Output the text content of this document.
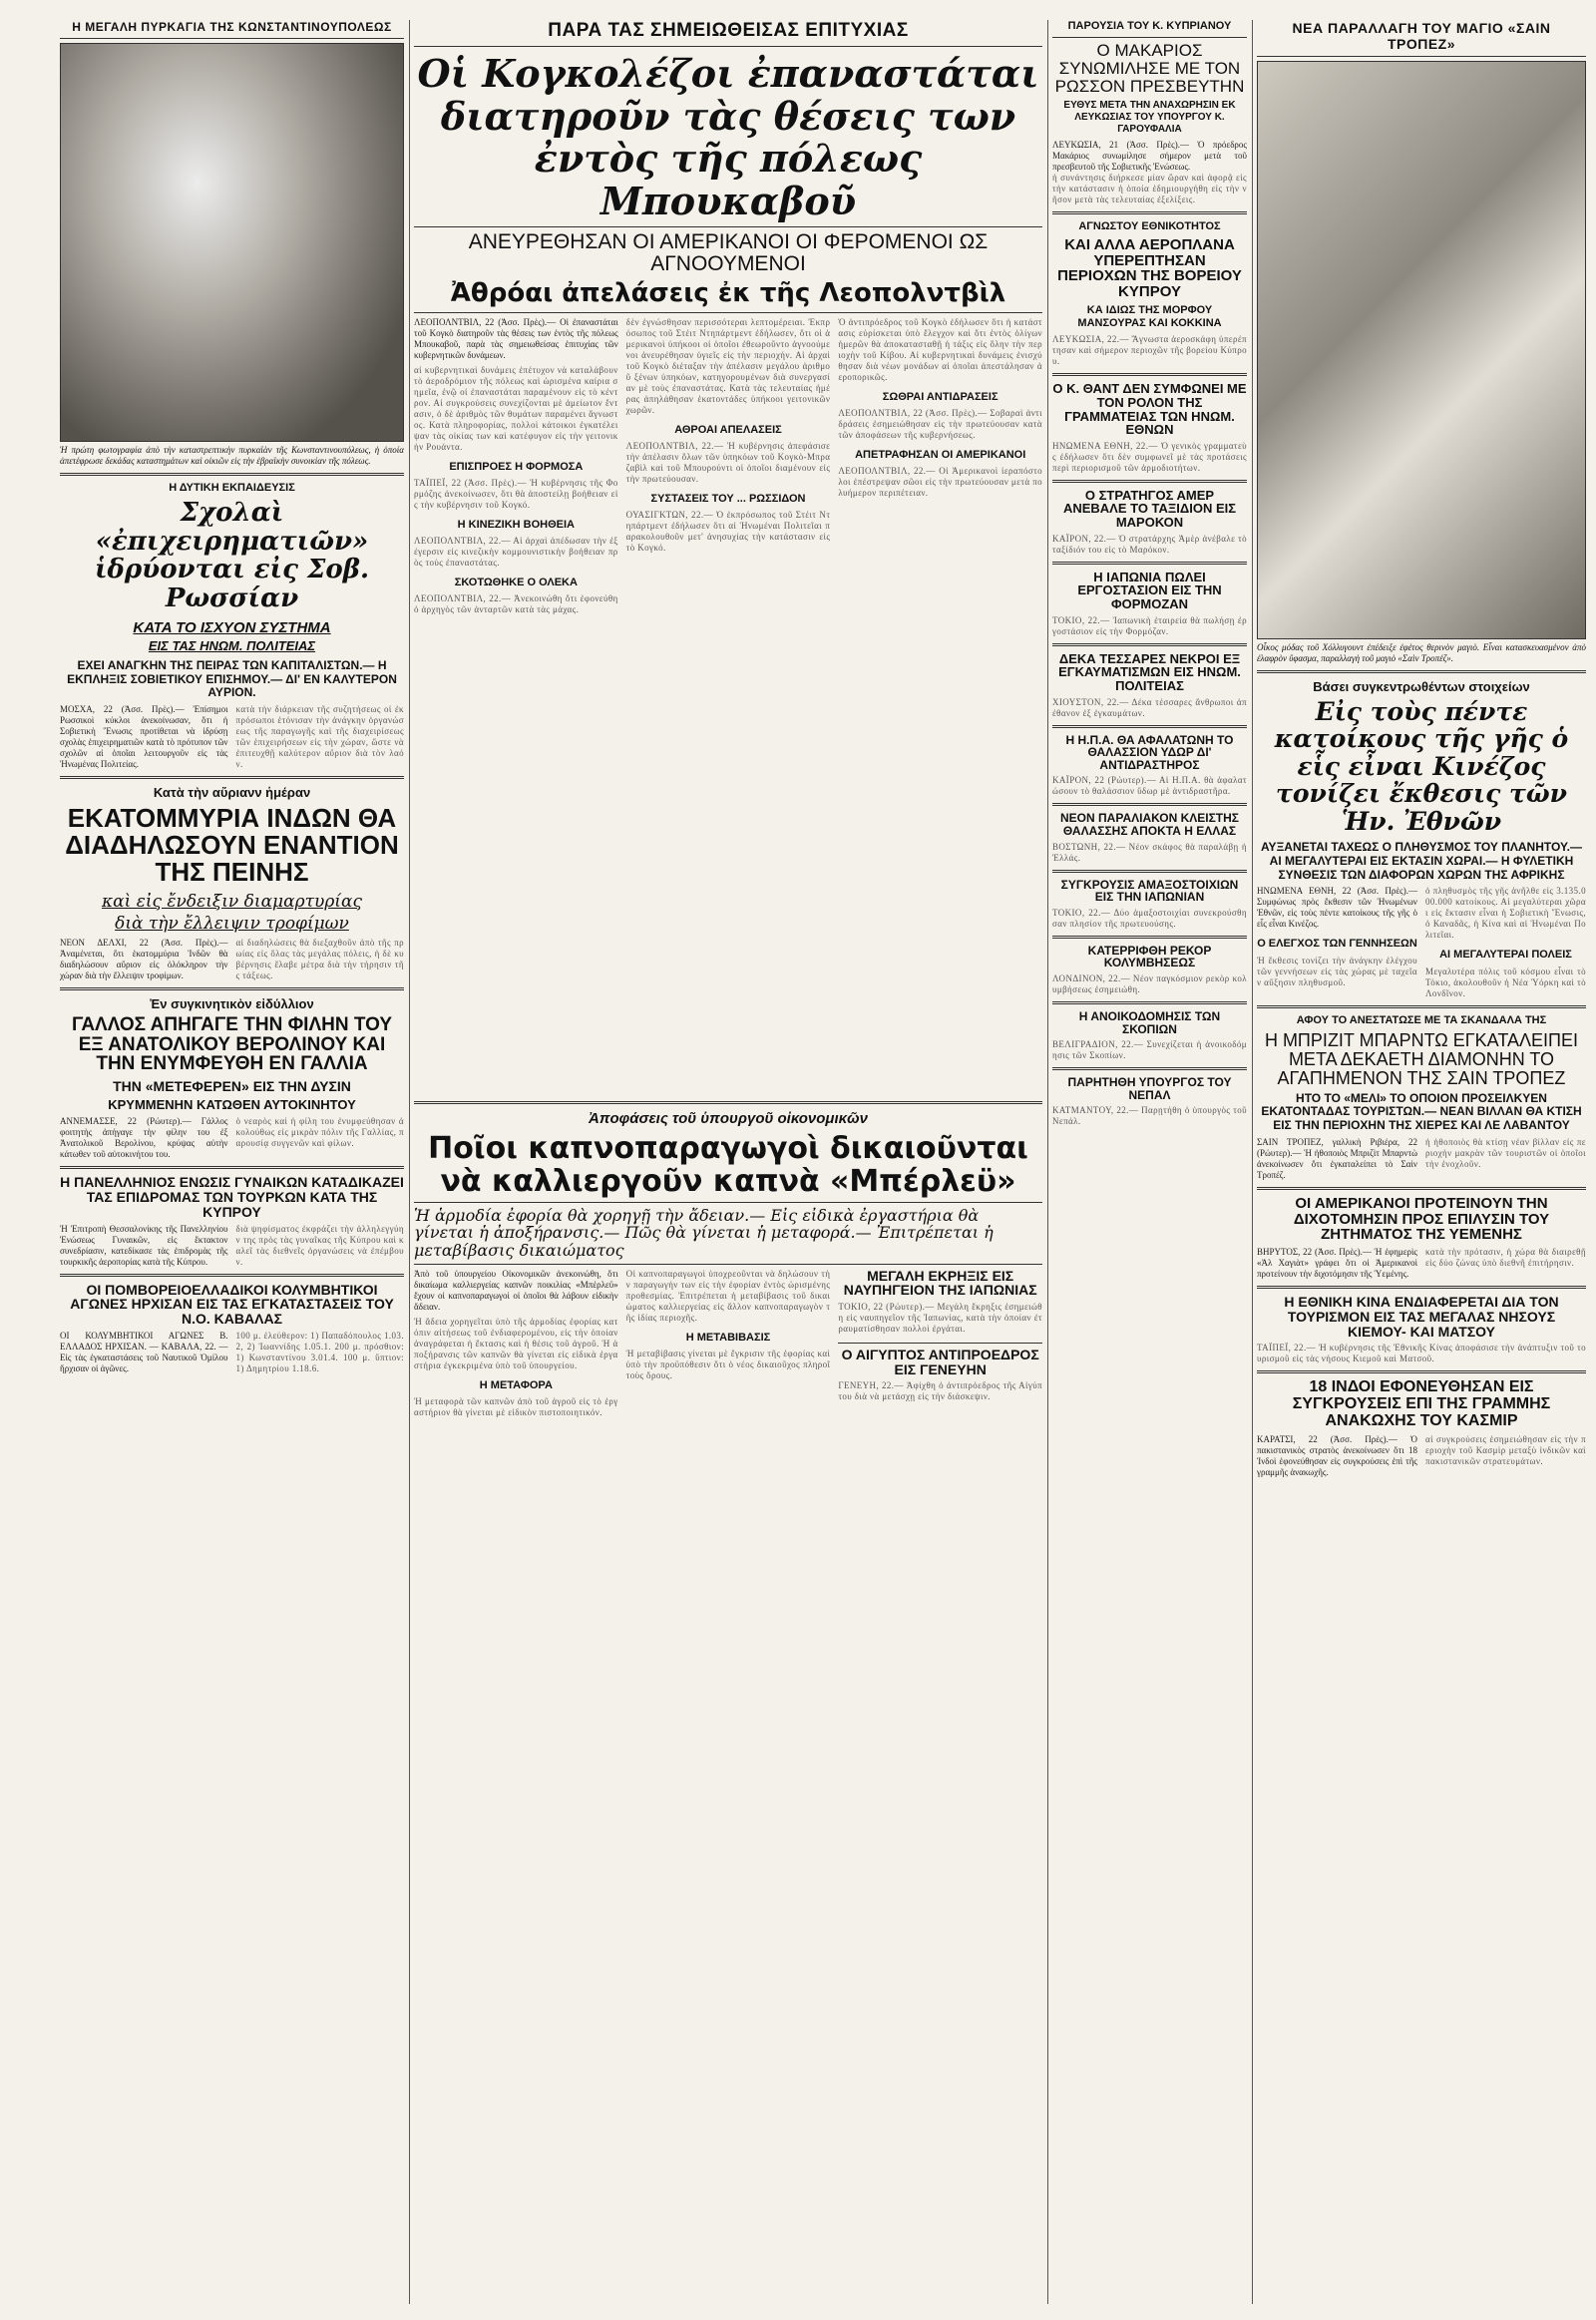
Η ΜΕΓΑΛΗ ΠΥΡΚΑΓΙΑ ΤΗΣ ΚΩΝΣΤΑΝΤΙΝΟΥΠΟΛΕΩΣ
Ἡ πρώτη φωτογραφία ἀπὸ τὴν καταστρεπτικὴν πυρκαϊὰν τῆς Κωνσταντινουπόλεως, ἡ ὁποία ἀπετέφρωσε δεκάδας καταστημάτων καὶ οἰκιῶν εἰς τὴν ἐβραϊκὴν συνοικίαν τῆς πόλεως.
Η ΔΥΤΙΚΗ ΕΚΠΑΙΔΕΥΣΙΣ
Σχολαὶ «ἐπιχειρηματιῶν» ἱδρύονται εἰς Σοβ. Ρωσσίαν
ΚΑΤΑ ΤΟ ΙΣΧΥΟΝ ΣΥΣΤΗΜΑ
ΕΙΣ ΤΑΣ ΗΝΩΜ. ΠΟΛΙΤΕΙΑΣ
ΕΧΕΙ ΑΝΑΓΚΗΝ ΤΗΣ ΠΕΙΡΑΣ ΤΩΝ ΚΑΠΙΤΑΛΙΣΤΩΝ.— Η ΕΚΠΛΗΞΙΣ ΣΟΒΙΕΤΙΚΟΥ ΕΠΙΣΗΜΟΥ.— ΔΙ' ΕΝ ΚΑΛΥΤΕΡΟΝ ΑΥΡΙΟΝ.
ΜΟΣΧΑ, 22 (Ἀσσ. Πρὲς).— Ἐπίσημοι Ρωσσικοὶ κύκλοι ἀνεκοίνωσαν, ὅτι ἡ Σοβιετικὴ Ἕνωσις προτίθεται νὰ ἱδρύσῃ σχολὰς ἐπιχειρηματιῶν κατὰ τὸ πρότυπον τῶν σχολῶν αἱ ὁποῖαι λειτουργοῦν εἰς τὰς Ἡνωμένας Πολιτείας.
κατὰ τὴν διάρκειαν τῆς συζητήσεως οἱ ἐκπρόσωποι ἐτόνισαν τὴν ἀνάγκην ὀργανώσεως τῆς παραγωγῆς καὶ τῆς διαχειρίσεως τῶν ἐπιχειρήσεων εἰς τὴν χώραν, ὥστε νὰ ἐπιτευχθῇ καλύτερον αὔριον διὰ τὸν λαόν.
Κατὰ τὴν αὔριανν ἡμέραν
ΕΚΑΤΟΜΜΥΡΙΑ ΙΝΔΩΝ ΘΑ ΔΙΑΔΗΛΩΣΟΥΝ ΕΝΑΝΤΙΟΝ ΤΗΣ ΠΕΙΝΗΣ
καὶ εἰς ἔνδειξιν διαμαρτυρίας
διὰ τὴν ἔλλειψιν τροφίμων
ΝΕΟΝ ΔΕΛΧΙ, 22 (Ἀσσ. Πρὲς).— Ἀναμένεται, ὅτι ἑκατομμύρια Ἰνδῶν θὰ διαδηλώσουν αὔριον εἰς ὁλόκληρον τὴν χώραν διὰ τὴν ἔλλειψιν τροφίμων.
αἱ διαδηλώσεις θὰ διεξαχθοῦν ἀπὸ τῆς πρωίας εἰς ὅλας τὰς μεγάλας πόλεις, ἡ δὲ κυβέρνησις ἔλαβε μέτρα διὰ τὴν τήρησιν τῆς τάξεως.
Ἐν συγκινητικὸν εἰδύλλιον
ΓΑΛΛΟΣ ΑΠΗΓΑΓΕ ΤΗΝ ΦΙΛΗΝ ΤΟΥ ΕΞ ΑΝΑΤΟΛΙΚΟΥ ΒΕΡΟΛΙΝΟΥ ΚΑΙ ΤΗΝ ΕΝΥΜΦΕΥΘΗ ΕΝ ΓΑΛΛΙΑ
ΤΗΝ «ΜΕΤΕΦΕΡΕΝ» ΕΙΣ ΤΗΝ ΔΥΣΙΝ
ΚΡΥΜΜΕΝΗΝ ΚΑΤΩΘΕΝ ΑΥΤΟΚΙΝΗΤΟΥ
ΑΝΝΕΜΑΣΣΕ, 22 (Ρώυτερ).— Γάλλος φοιτητὴς ἀπήγαγε τὴν φίλην του ἐξ Ἀνατολικοῦ Βερολίνου, κρύψας αὐτὴν κάτωθεν τοῦ αὐτοκινήτου του.
ὁ νεαρὸς καὶ ἡ φίλη του ἐνυμφεύθησαν ἀκολούθως εἰς μικρὰν πόλιν τῆς Γαλλίας, παρουσίᾳ συγγενῶν καὶ φίλων.
Η ΠΑΝΕΛΛΗΝΙΟΣ ΕΝΩΣΙΣ ΓΥΝΑΙΚΩΝ ΚΑΤΑΔΙΚΑΖΕΙ ΤΑΣ ΕΠΙΔΡΟΜΑΣ ΤΩΝ ΤΟΥΡΚΩΝ ΚΑΤΑ ΤΗΣ ΚΥΠΡΟΥ
Ἡ Ἐπιτροπὴ Θεσσαλονίκης τῆς Πανελληνίου Ἑνώσεως Γυναικῶν, εἰς ἔκτακτον συνεδρίασιν, κατεδίκασε τὰς ἐπιδρομὰς τῆς τουρκικῆς ἀεροπορίας κατὰ τῆς Κύπρου.
διὰ ψηφίσματος ἐκφράζει τὴν ἀλληλεγγύην της πρὸς τὰς γυναῖκας τῆς Κύπρου καὶ καλεῖ τὰς διεθνεῖς ὀργανώσεις νὰ ἐπέμβουν.
ΟΙ ΠΟΜΒΟΡΕΙΟΕΛΛΑΔΙΚΟΙ ΚΟΛΥΜΒΗΤΙΚΟΙ ΑΓΩΝΕΣ ΗΡΧΙΣΑΝ ΕΙΣ ΤΑΣ ΕΓΚΑΤΑΣΤΑΣΕΙΣ ΤΟΥ Ν.Ο. ΚΑΒΑΛΑΣ
ΟΙ ΚΟΛΥΜΒΗΤΙΚΟΙ ΑΓΩΝΕΣ Β. ΕΛΛΑΔΟΣ ΗΡΧΙΣΑΝ. — ΚΑΒΑΛΑ, 22. — Εἰς τὰς ἐγκαταστάσεις τοῦ Ναυτικοῦ Ὁμίλου ἤρχισαν οἱ ἀγῶνες.
100 μ. ἐλεύθερον: 1) Παπαδόπουλος 1.03.2, 2) Ἰωαννίδης 1.05.1. 200 μ. πρόσθιον: 1) Κωνσταντίνου 3.01.4. 100 μ. ὕπτιον: 1) Δημητρίου 1.18.6.
ΠΑΡΑ ΤΑΣ ΣΗΜΕΙΩΘΕΙΣΑΣ ΕΠΙΤΥΧΙΑΣ
Οἱ Κογκολέζοι ἐπαναστάται διατηροῦν τὰς θέσεις των ἐντὸς τῆς πόλεως Μπουκαβοῦ
ΑΝΕΥΡΕΘΗΣΑΝ ΟΙ ΑΜΕΡΙΚΑΝΟΙ ΟΙ ΦΕΡΟΜΕΝΟΙ ΩΣ ΑΓΝΟΟΥΜΕΝΟΙ
Ἀθρόαι ἀπελάσεις ἐκ τῆς Λεοπολντβὶλ
ΛΕΟΠΟΛΝΤΒΙΛ, 22 (Ἀσσ. Πρὲς).— Οἱ ἐπαναστάται τοῦ Κογκὸ διατηροῦν τὰς θέσεις των ἐντὸς τῆς πόλεως Μπουκαβοῦ, παρὰ τὰς σημειωθείσας ἐπιτυχίας τῶν κυβερνητικῶν δυνάμεων.
αἱ κυβερνητικαὶ δυνάμεις ἐπέτυχον νὰ καταλάβουν τὸ ἀεροδρόμιον τῆς πόλεως καὶ ὡρισμένα καίρια σημεῖα, ἐνῷ οἱ ἐπαναστάται παραμένουν εἰς τὸ κέντρον. Αἱ συγκρούσεις συνεχίζονται μὲ ἀμείωτον ἔντασιν, ὁ δὲ ἀριθμὸς τῶν θυμάτων παραμένει ἄγνωστος. Κατὰ πληροφορίας, πολλοὶ κάτοικοι ἐγκατέλειψαν τὰς οἰκίας των καὶ κατέφυγον εἰς τὴν γειτονικὴν Ρουάντα.
ΕΠΙΣΠΡΟΕΣ Η ΦΟΡΜΟΣΑ
ΤΑΪΠΕΪ, 22 (Ἀσσ. Πρὲς).— Ἡ κυβέρνησις τῆς Φορμόζης ἀνεκοίνωσεν, ὅτι θὰ ἀποστείλῃ βοήθειαν εἰς τὴν κυβέρνησιν τοῦ Κογκό.
Η ΚΙΝΕΖΙΚΗ ΒΟΗΘΕΙΑ
ΛΕΟΠΟΛΝΤΒΙΛ, 22.— Αἱ ἀρχαὶ ἀπέδωσαν τὴν ἐξέγερσιν εἰς κινεζικὴν κομμουνιστικὴν βοήθειαν πρὸς τοὺς ἐπαναστάτας.
ΣΚΟΤΩΘΗΚΕ Ο ΟΛΕΚΑ
ΛΕΟΠΟΛΝΤΒΙΛ, 22.— Ἀνεκοινώθη ὅτι ἐφονεύθη ὁ ἀρχηγὸς τῶν ἀνταρτῶν κατὰ τὰς μάχας.
δὲν ἐγνώσθησαν περισσότεραι λεπτομέρειαι. Ἐκπρόσωπος τοῦ Στέιτ Ντηπάρτμεντ ἐδήλωσεν, ὅτι οἱ ἀμερικανοὶ ὑπήκοοι οἱ ὁποῖοι ἐθεωροῦντο ἀγνοούμενοι ἀνευρέθησαν ὑγιεῖς εἰς τὴν περιοχήν. Αἱ ἀρχαὶ τοῦ Κογκὸ διέταξαν τὴν ἀπέλασιν μεγάλου ἀριθμοῦ ξένων ὑπηκόων, κατηγορουμένων διὰ συνεργασίαν μὲ τοὺς ἐπαναστάτας. Κατὰ τὰς τελευταίας ἡμέρας ἀπηλάθησαν ἑκατοντάδες ὑπήκοοι γειτονικῶν χωρῶν.
ΑΘΡΟΑΙ ΑΠΕΛΑΣΕΙΣ
ΛΕΟΠΟΛΝΤΒΙΛ, 22.— Ἡ κυβέρνησις ἀπεφάσισε τὴν ἀπέλασιν ὅλων τῶν ὑπηκόων τοῦ Κογκὸ-Μπραζαβὶλ καὶ τοῦ Μπουρούντι οἱ ὁποῖοι διαμένουν εἰς τὴν πρωτεύουσαν.
ΣΥΣΤΑΣΕΙΣ ΤΟΥ ... ΡΩΣΣΙΔΟΝ
ΟΥΑΣΙΓΚΤΩΝ, 22.— Ὁ ἐκπρόσωπος τοῦ Στέιτ Ντηπάρτμεντ ἐδήλωσεν ὅτι αἱ Ἡνωμέναι Πολιτεῖαι παρακολουθοῦν μετ' ἀνησυχίας τὴν κατάστασιν εἰς τὸ Κογκό.
Ὁ ἀντιπρόεδρος τοῦ Κογκὸ ἐδήλωσεν ὅτι ἡ κατάστασις εὑρίσκεται ὑπὸ ἔλεγχον καὶ ὅτι ἐντὸς ὀλίγων ἡμερῶν θὰ ἀποκατασταθῇ ἡ τάξις εἰς ὅλην τὴν περιοχὴν τοῦ Κίβου. Αἱ κυβερνητικαὶ δυνάμεις ἐνισχύθησαν διὰ νέων μονάδων αἱ ὁποῖαι ἀπεστάλησαν ἀεροπορικῶς.
ΣΩΘΡΑΙ ΑΝΤΙΔΡΑΣΕΙΣ
ΛΕΟΠΟΛΝΤΒΙΛ, 22 (Ἀσσ. Πρὲς).— Σοβαραὶ ἀντιδράσεις ἐσημειώθησαν εἰς τὴν πρωτεύουσαν κατὰ τῶν ἀποφάσεων τῆς κυβερνήσεως.
ΑΠΕΤΡΑΦΗΣΑΝ ΟΙ ΑΜΕΡΙΚΑΝΟΙ
ΛΕΟΠΟΛΝΤΒΙΛ, 22.— Οἱ Ἀμερικανοὶ ἱεραπόστολοι ἐπέστρεψαν σῶοι εἰς τὴν πρωτεύουσαν μετὰ πολυήμερον περιπέτειαν.
Ἀποφάσεις τοῦ ὑπουργοῦ οἰκονομικῶν
Ποῖοι καπνοπαραγωγοὶ δικαιοῦνται νὰ καλλιεργοῦν καπνὰ «Μπέρλεϋ»
Ἡ ἁρμοδία ἐφορία θὰ χορηγῇ τὴν ἄδειαν.— Εἰς εἰδικὰ ἐργαστήρια θὰ γίνεται ἡ ἀποξήρανσις.— Πῶς θὰ γίνεται ἡ μεταφορά.— Ἐπιτρέπεται ἡ μεταβίβασις δικαιώματος
Ἀπὸ τοῦ ὑπουργείου Οἰκονομικῶν ἀνεκοινώθη, ὅτι δικαίωμα καλλιεργείας καπνῶν ποικιλίας «Μπέρλεϋ» ἔχουν οἱ καπνοπαραγωγοὶ οἱ ὁποῖοι θὰ λάβουν εἰδικὴν ἄδειαν.
Ἡ ἄδεια χορηγεῖται ὑπὸ τῆς ἁρμοδίας ἐφορίας κατόπιν αἰτήσεως τοῦ ἐνδιαφερομένου, εἰς τὴν ὁποίαν ἀναγράφεται ἡ ἔκτασις καὶ ἡ θέσις τοῦ ἀγροῦ. Ἡ ἀποξήρανσις τῶν καπνῶν θὰ γίνεται εἰς εἰδικὰ ἐργαστήρια ἐγκεκριμένα ὑπὸ τοῦ ὑπουργείου.
Η ΜΕΤΑΦΟΡΑ
Ἡ μεταφορὰ τῶν καπνῶν ἀπὸ τοῦ ἀγροῦ εἰς τὸ ἐργαστήριον θὰ γίνεται μὲ εἰδικὸν πιστοποιητικόν.
Οἱ καπνοπαραγωγοὶ ὑποχρεοῦνται νὰ δηλώσουν τὴν παραγωγήν των εἰς τὴν ἐφορίαν ἐντὸς ὡρισμένης προθεσμίας. Ἐπιτρέπεται ἡ μεταβίβασις τοῦ δικαιώματος καλλιεργείας εἰς ἄλλον καπνοπαραγωγὸν τῆς ἰδίας περιοχῆς.
Η ΜΕΤΑΒΙΒΑΣΙΣ
Ἡ μεταβίβασις γίνεται μὲ ἔγκρισιν τῆς ἐφορίας καὶ ὑπὸ τὴν προϋπόθεσιν ὅτι ὁ νέος δικαιοῦχος πληροῖ τοὺς ὅρους.
ΜΕΓΑΛΗ ΕΚΡΗΞΙΣ ΕΙΣ ΝΑΥΠΗΓΕΙΟΝ ΤΗΣ ΙΑΠΩΝΙΑΣ
ΤΟΚΙΟ, 22 (Ρώυτερ).— Μεγάλη ἔκρηξις ἐσημειώθη εἰς ναυπηγεῖον τῆς Ἰαπωνίας, κατὰ τὴν ὁποίαν ἐτραυματίσθησαν πολλοὶ ἐργάται.
Ο ΑΙΓΥΠΤΟΣ ΑΝΤΙΠΡΟΕΔΡΟΣ ΕΙΣ ΓΕΝΕΥΗΝ
ΓΕΝΕΥΗ, 22.— Ἀφίχθη ὁ ἀντιπρόεδρος τῆς Αἰγύπτου διὰ νὰ μετάσχῃ εἰς τὴν διάσκεψιν.
ΠΑΡΟΥΣΙΑ ΤΟΥ Κ. ΚΥΠΡΙΑΝΟΥ
Ο ΜΑΚΑΡΙΟΣ ΣΥΝΩΜΙΛΗΣΕ ΜΕ ΤΟΝ ΡΩΣΣΟΝ ΠΡΕΣΒΕΥΤΗΝ
ΕΥΘΥΣ ΜΕΤΑ ΤΗΝ ΑΝΑΧΩΡΗΣΙΝ ΕΚ ΛΕΥΚΩΣΙΑΣ ΤΟΥ ΥΠΟΥΡΓΟΥ Κ. ΓΑΡΟΥΦΑΛΙΑ
ΛΕΥΚΩΣΙΑ, 21 (Ἀσσ. Πρὲς).— Ὁ πρόεδρος Μακάριος συνωμίλησε σήμερον μετὰ τοῦ πρεσβευτοῦ τῆς Σοβιετικῆς Ἑνώσεως.
ἡ συνάντησις διήρκεσε μίαν ὥραν καὶ ἀφορᾷ εἰς τὴν κατάστασιν ἡ ὁποία ἐδημιουργήθη εἰς τὴν νῆσον μετὰ τὰς τελευταίας ἐξελίξεις.
ΑΓΝΩΣΤΟΥ ΕΘΝΙΚΟΤΗΤΟΣ
ΚΑΙ ΑΛΛΑ ΑΕΡΟΠΛΑΝΑ ΥΠΕΡΕΠΤΗΣΑΝ ΠΕΡΙΟΧΩΝ ΤΗΣ ΒΟΡΕΙΟΥ ΚΥΠΡΟΥ
ΚΑ ΙΔΙΩΣ ΤΗΣ ΜΟΡΦΟΥ
ΜΑΝΣΟΥΡΑΣ ΚΑΙ ΚΟΚΚΙΝΑ
ΛΕΥΚΩΣΙΑ, 22.— Ἄγνωστα ἀεροσκάφη ὑπερέπτησαν καὶ σήμερον περιοχῶν τῆς βορείου Κύπρου.
Ο Κ. ΘΑΝΤ ΔΕΝ ΣΥΜΦΩΝΕΙ ΜΕ ΤΟΝ ΡΟΛΟΝ ΤΗΣ ΓΡΑΜΜΑΤΕΙΑΣ ΤΩΝ ΗΝΩΜ. ΕΘΝΩΝ
ΗΝΩΜΕΝΑ ΕΘΝΗ, 22.— Ὁ γενικὸς γραμματεὺς ἐδήλωσεν ὅτι δὲν συμφωνεῖ μὲ τὰς προτάσεις περὶ περιορισμοῦ τῶν ἁρμοδιοτήτων.
Ο ΣΤΡΑΤΗΓΟΣ ΑΜΕΡ ΑΝΕΒΑΛΕ ΤΟ ΤΑΞΙΔΙΟΝ ΕΙΣ ΜΑΡΟΚΟΝ
ΚΑΪΡΟΝ, 22.— Ὁ στρατάρχης Ἀμὲρ ἀνέβαλε τὸ ταξίδιόν του εἰς τὸ Μαρόκον.
Η ΙΑΠΩΝΙΑ ΠΩΛΕΙ ΕΡΓΟΣΤΑΣΙΟΝ ΕΙΣ ΤΗΝ ΦΟΡΜΟΖΑΝ
ΤΟΚΙΟ, 22.— Ἰαπωνικὴ ἑταιρεία θὰ πωλήσῃ ἐργοστάσιον εἰς τὴν Φορμόζαν.
ΔΕΚΑ ΤΕΣΣΑΡΕΣ ΝΕΚΡΟΙ ΕΞ ΕΓΚΑΥΜΑΤΙΣΜΩΝ ΕΙΣ ΗΝΩΜ. ΠΟΛΙΤΕΙΑΣ
ΧΙΟΥΣΤΟΝ, 22.— Δέκα τέσσαρες ἄνθρωποι ἀπέθανον ἐξ ἐγκαυμάτων.
Η Η.Π.Α. ΘΑ ΑΦΑΛΑΤΩΝΗ ΤΟ ΘΑΛΑΣΣΙΟΝ ΥΔΩΡ ΔΙ' ΑΝΤΙΔΡΑΣΤΗΡΟΣ
ΚΑΪΡΟΝ, 22 (Ρώυτερ).— Αἱ Η.Π.Α. θὰ ἀφαλατώσουν τὸ θαλάσσιον ὕδωρ μὲ ἀντιδραστῆρα.
ΝΕΟΝ ΠΑΡΑΛΙΑΚΟΝ ΚΛΕΙΣΤΗΣ ΘΑΛΑΣΣΗΣ ΑΠΟΚΤΑ Η ΕΛΛΑΣ
ΒΟΣΤΩΝΗ, 22.— Νέον σκάφος θὰ παραλάβῃ ἡ Ἑλλάς.
ΣΥΓΚΡΟΥΣΙΣ ΑΜΑΞΟΣΤΟΙΧΙΩΝ ΕΙΣ ΤΗΝ ΙΑΠΩΝΙΑΝ
ΤΟΚΙΟ, 22.— Δύο ἀμαξοστοιχίαι συνεκρούσθησαν πλησίον τῆς πρωτευούσης.
ΚΑΤΕΡΡΙΦΘΗ ΡΕΚΟΡ ΚΟΛΥΜΒΗΣΕΩΣ
ΛΟΝΔΙΝΟΝ, 22.— Νέον παγκόσμιον ρεκὸρ κολυμβήσεως ἐσημειώθη.
Η ΑΝΟΙΚΟΔΟΜΗΣΙΣ ΤΩΝ ΣΚΟΠΙΩΝ
ΒΕΛΙΓΡΑΔΙΟΝ, 22.— Συνεχίζεται ἡ ἀνοικοδόμησις τῶν Σκοπίων.
ΠΑΡΗΤΗΘΗ ΥΠΟΥΡΓΟΣ ΤΟΥ ΝΕΠΑΛ
ΚΑΤΜΑΝΤΟΥ, 22.— Παρῃτήθη ὁ ὑπουργὸς τοῦ Νεπάλ.
ΝΕΑ ΠΑΡΑΛΛΑΓΗ ΤΟΥ ΜΑΓΙΟ «ΣΑΙΝ ΤΡΟΠΕΖ»
Οἶκος μόδας τοῦ Χόλλυγουντ ἐπέδειξε ἐφέτος θερινὸν μαγιὸ. Εἶναι κατασκευασμένον ἀπὸ ἐλαφρὸν ὕφασμα, παραλλαγὴ τοῦ μαγιὸ «Σαὶν Τροπέζ».
Βάσει συγκεντρωθέντων στοιχείων
Εἰς τοὺς πέντε κατοίκους τῆς γῆς ὁ εἷς εἶναι Κινέζος τονίζει ἔκθεσις τῶν Ἡν. Ἐθνῶν
ΑΥΞΑΝΕΤΑΙ ΤΑΧΕΩΣ Ο ΠΛΗΘΥΣΜΟΣ ΤΟΥ ΠΛΑΝΗΤΟΥ.— ΑΙ ΜΕΓΑΛΥΤΕΡΑΙ ΕΙΣ ΕΚΤΑΣΙΝ ΧΩΡΑΙ.— Η ΦΥΛΕΤΙΚΗ ΣΥΝΘΕΣΙΣ ΤΩΝ ΔΙΑΦΟΡΩΝ ΧΩΡΩΝ ΤΗΣ ΑΦΡΙΚΗΣ
ΗΝΩΜΕΝΑ ΕΘΝΗ, 22 (Ἀσσ. Πρὲς).— Συμφώνως πρὸς ἔκθεσιν τῶν Ἡνωμένων Ἐθνῶν, εἰς τοὺς πέντε κατοίκους τῆς γῆς ὁ εἷς εἶναι Κινέζος.
Ο ΕΛΕΓΧΟΣ ΤΩΝ ΓΕΝΝΗΣΕΩΝ
Ἡ ἔκθεσις τονίζει τὴν ἀνάγκην ἐλέγχου τῶν γεννήσεων εἰς τὰς χώρας μὲ ταχεῖαν αὔξησιν πληθυσμοῦ.
ὁ πληθυσμὸς τῆς γῆς ἀνῆλθε εἰς 3.135.000.000 κατοίκους. Αἱ μεγαλύτεραι χῶραι εἰς ἔκτασιν εἶναι ἡ Σοβιετικὴ Ἕνωσις, ὁ Καναδᾶς, ἡ Κίνα καὶ αἱ Ἡνωμέναι Πολιτεῖαι.
ΑΙ ΜΕΓΑΛΥΤΕΡΑΙ ΠΟΛΕΙΣ
Μεγαλυτέρα πόλις τοῦ κόσμου εἶναι τὸ Τόκιο, ἀκολουθοῦν ἡ Νέα Ὑόρκη καὶ τὸ Λονδῖνον.
ΑΦΟΥ ΤΟ ΑΝΕΣΤΑΤΩΣΕ ΜΕ ΤΑ ΣΚΑΝΔΑΛΑ ΤΗΣ
Η ΜΠΡΙΖΙΤ ΜΠΑΡΝΤΩ ΕΓΚΑΤΑΛΕΙΠΕΙ ΜΕΤΑ ΔΕΚΑΕΤΗ ΔΙΑΜΟΝΗΝ ΤΟ ΑΓΑΠΗΜΕΝΟΝ ΤΗΣ ΣΑΙΝ ΤΡΟΠΕΖ
ΗΤΟ ΤΟ «ΜΕΛΙ» ΤΟ ΟΠΟΙΟΝ ΠΡΟΣΕΙΛΚΥΕΝ ΕΚΑΤΟΝΤΑΔΑΣ ΤΟΥΡΙΣΤΩΝ.— ΝΕΑΝ ΒΙΛΛΑΝ ΘΑ ΚΤΙΣΗ ΕΙΣ ΤΗΝ ΠΕΡΙΟΧΗΝ ΤΗΣ ΧΙΕΡΕΣ ΚΑΙ ΛΕ ΛΑΒΑΝΤΟΥ
ΣΑΙΝ ΤΡΟΠΕΖ, γαλλικὴ Ριβιέρα, 22 (Ρώυτερ).— Ἡ ἠθοποιὸς Μπριζὶτ Μπαρντὼ ἀνεκοίνωσεν ὅτι ἐγκαταλείπει τὸ Σαὶν Τροπέζ.
ἡ ἠθοποιὸς θὰ κτίσῃ νέαν βίλλαν εἰς περιοχὴν μακρὰν τῶν τουριστῶν οἱ ὁποῖοι τὴν ἐνοχλοῦν.
ΟΙ ΑΜΕΡΙΚΑΝΟΙ ΠΡΟΤΕΙΝΟΥΝ ΤΗΝ ΔΙΧΟΤΟΜΗΣΙΝ ΠΡΟΣ ΕΠΙΛΥΣΙΝ ΤΟΥ ΖΗΤΗΜΑΤΟΣ ΤΗΣ ΥΕΜΕΝΗΣ
ΒΗΡΥΤΟΣ, 22 (Ἀσσ. Πρὲς).— Ἡ ἐφημερὶς «Ἀλ Χαγιὰτ» γράφει ὅτι οἱ Ἀμερικανοὶ προτείνουν τὴν διχοτόμησιν τῆς Ὑεμένης.
κατὰ τὴν πρότασιν, ἡ χώρα θὰ διαιρεθῇ εἰς δύο ζώνας ὑπὸ διεθνῆ ἐπιτήρησιν.
Η ΕΘΝΙΚΗ ΚΙΝΑ ΕΝΔΙΑΦΕΡΕΤΑΙ ΔΙΑ ΤΟΝ ΤΟΥΡΙΣΜΟΝ ΕΙΣ ΤΑΣ ΜΕΓΑΛΑΣ ΝΗΣΟΥΣ ΚΙΕΜΟΥ- ΚΑΙ ΜΑΤΣΟΥ
ΤΑΪΠΕΪ, 22.— Ἡ κυβέρνησις τῆς Ἐθνικῆς Κίνας ἀποφάσισε τὴν ἀνάπτυξιν τοῦ τουρισμοῦ εἰς τὰς νήσους Κιεμοῦ καὶ Ματσοῦ.
18 ΙΝΔΟΙ ΕΦΟΝΕΥΘΗΣΑΝ ΕΙΣ ΣΥΓΚΡΟΥΣΕΙΣ ΕΠΙ ΤΗΣ ΓΡΑΜΜΗΣ ΑΝΑΚΩΧΗΣ ΤΟΥ ΚΑΣΜΙΡ
ΚΑΡΑΤΣΙ, 22 (Ἀσσ. Πρὲς).— Ὁ πακιστανικὸς στρατὸς ἀνεκοίνωσεν ὅτι 18 Ἰνδοὶ ἐφονεύθησαν εἰς συγκρούσεις ἐπὶ τῆς γραμμῆς ἀνακωχῆς.
αἱ συγκρούσεις ἐσημειώθησαν εἰς τὴν περιοχὴν τοῦ Κασμὶρ μεταξὺ ἰνδικῶν καὶ πακιστανικῶν στρατευμάτων.
